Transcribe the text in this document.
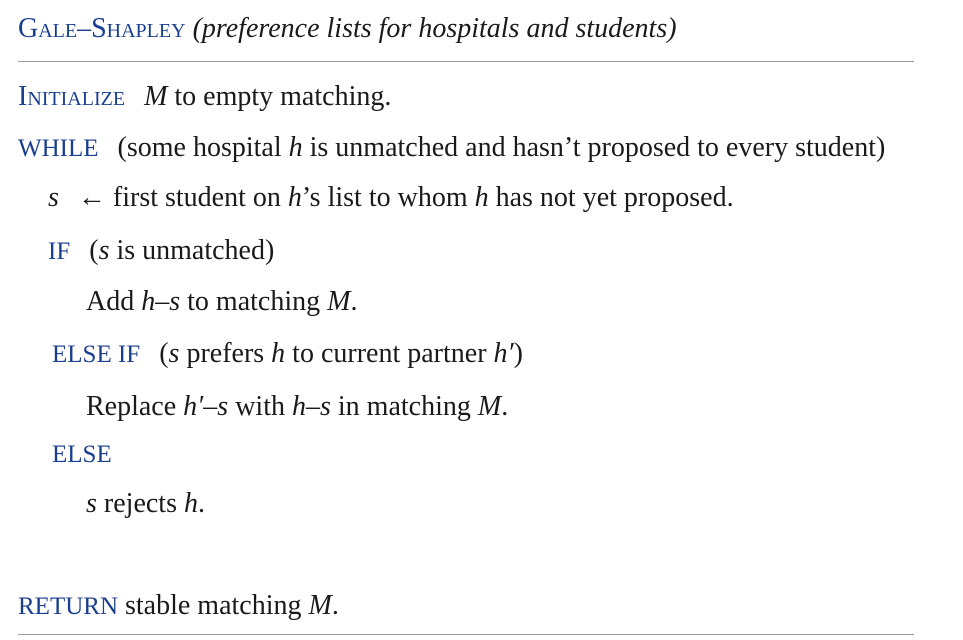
Gale–Shapley (preference lists for hospitals and students)
Initialize M to empty matching.
WHILE (some hospital h is unmatched and hasn’t proposed to every student)
s ← first student on h’s list to whom h has not yet proposed.
IF (s is unmatched)
Add h–s to matching M.
ELSE IF (s prefers h to current partner h′)
Replace h′–s with h–s in matching M.
ELSE
s rejects h.
RETURN stable matching M.
